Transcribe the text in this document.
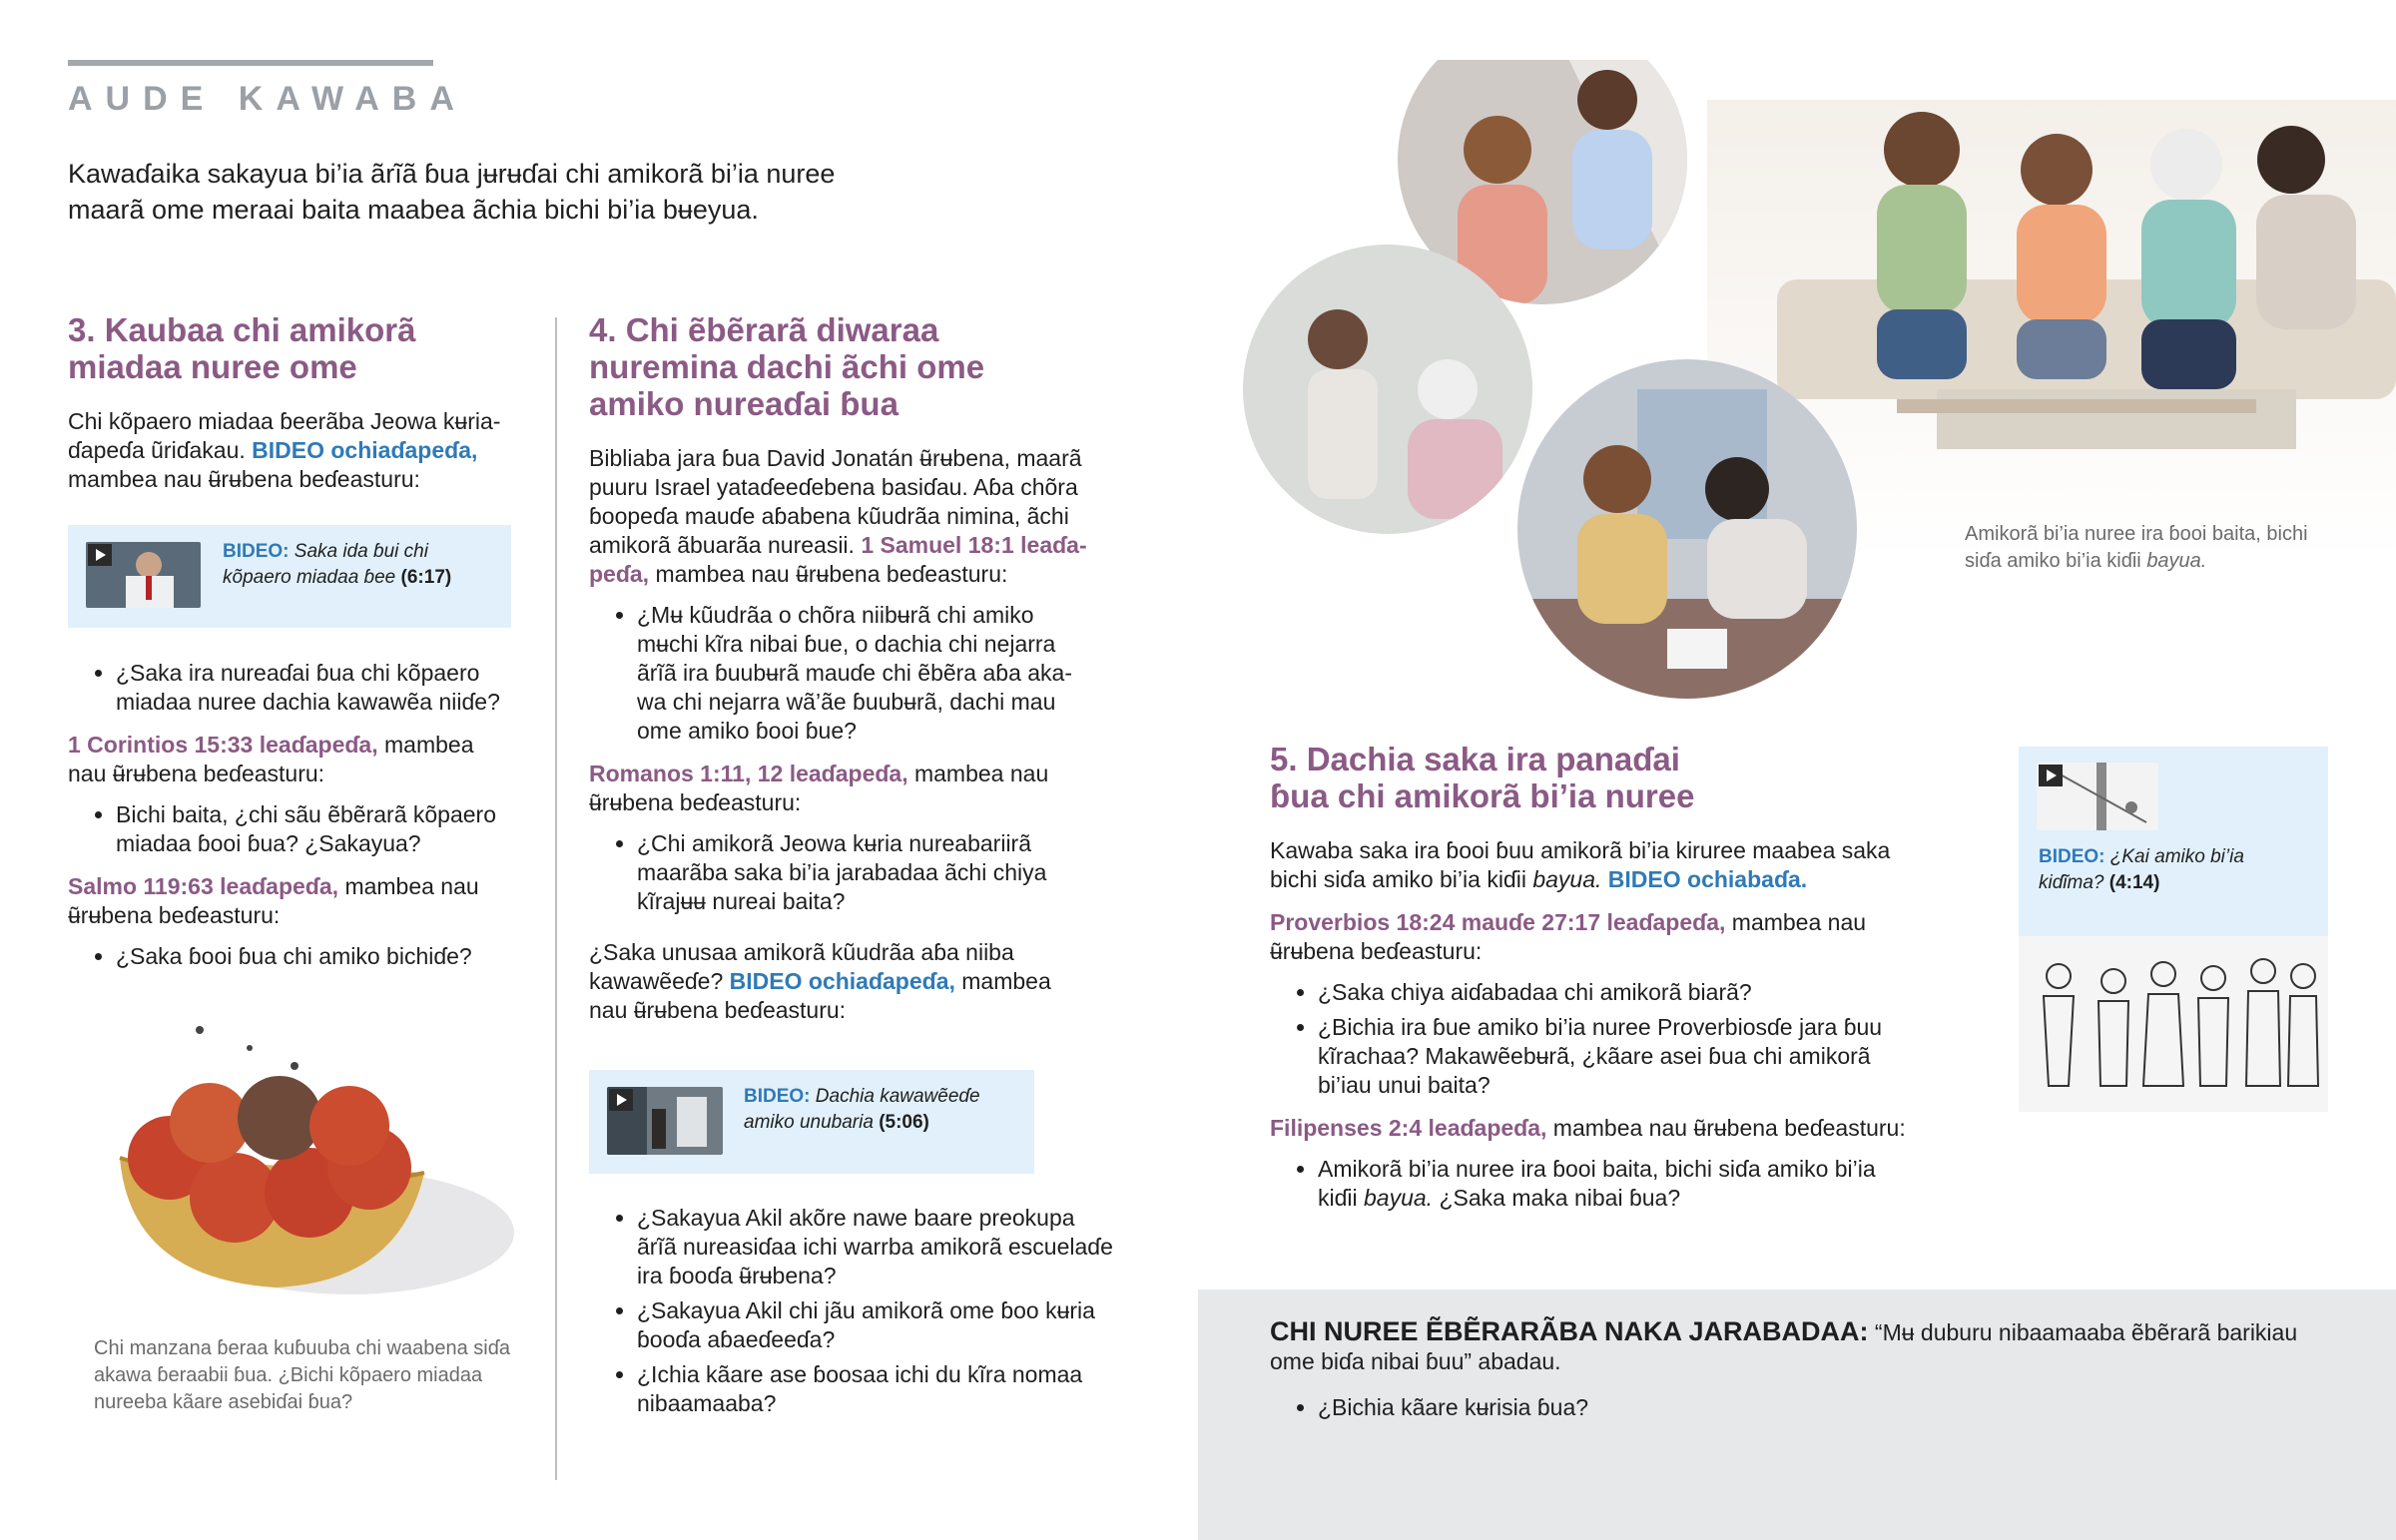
AUDE KAWABA

Kawaɗaika sakayua bi’ia ãrĩã ɓua jʉrʉɗai chi amikorã bi’ia nuree maarã ome meraai baita maabea ãchia bichi bi’ia bʉeyua.

3. Kaubaa chi amikorã miadaa nuree ome

Chi kõpaero miadaa ɓeerãba Jeowa kʉria-ɗapeɗa ũriɗakau. BIDEO ochiaɗapeɗa, mambea nau ʉ̃rʉbena beɗeasturu:

BIDEO: Saka ida ɓui chi kõpaero miadaa ɓee (6:17)
• ¿Saka ira nureaɗai ɓua chi kõpaero miadaa nuree dachia kawawẽa niiɗe?

1 Corintios 15:33 leaɗapeɗa, mambea nau ʉ̃rʉbena beɗeasturu:

• Bichi baita, ¿chi sãu ẽbẽrarã kõpaero miadaa ɓooi ɓua? ¿Sakayua?

Salmo 119:63 leaɗapeɗa, mambea nau ʉ̃rʉbena beɗeasturu:

• ¿Saka ɓooi ɓua chi amiko bichiɗe?

Chi manzana ɓeraa kuɓuuba chi waabena siɗa akawa ɓeraabii ɓua. ¿Bichi kõpaero miadaa nureeba kãare asebiɗai ɓua?

4. Chi ẽbẽrarã diwaraa nuremina dachi ãchi ome amiko nureaɗai ɓua

Bibliaba jara ɓua David Jonatán ʉ̃rʉbena, maarã puuru Israel yataɗeeɗebena basiɗau. Aɓa chõra ɓoopeɗa mauɗe aɓabena kũudrãa nimina, ãchi amikorã ãbuarãa nureasii. 1 Samuel 18:1 leaɗa-peɗa, mambea nau ʉ̃rʉbena beɗeasturu:

• ¿Mʉ kũudrãa o chõra niibʉrã chi amiko mʉchi kĩra nibai ɓue, o dachia chi nejarra ãrĩã ira ɓuubʉrã mauɗe chi ẽbẽra aɓa aka-wa chi nejarra wã’ãe ɓuubʉrã, dachi mau ome amiko ɓooi ɓue?

Romanos 1:11, 12 leaɗapeɗa, mambea nau ʉ̃rʉbena beɗeasturu:

• ¿Chi amikorã Jeowa kʉria nureabariirã maarãba saka bi’ia jarabadaa ãchi chiya kĩrajʉʉ nureai baita?

¿Saka unusaa amikorã kũudrãa aɓa niiba kawawẽeɗe? BIDEO ochiaɗapeɗa, mambea nau ʉ̃rʉbena beɗeasturu:

BIDEO: Dachia kawawẽeɗe amiko unubaria (5:06)
• ¿Sakayua Akil akõre nawe baare preokupa ãrĩã nureasiɗaa ichi warrba amikorã escuelaɗe ira ɓooɗa ʉ̃rʉbena?
• ¿Sakayua Akil chi jãu amikorã ome ɓoo kʉria ɓooɗa aɓaeɗeeɗa?
• ¿Ichia kãare ase ɓoosaa ichi du kĩra nomaa nibaamaaba?

Amikorã bi’ia nuree ira ɓooi baita, bichi siɗa amiko bi’ia kiɗii bayua.

5. Dachia saka ira panaɗai ɓua chi amikorã bi’ia nuree

Kawaba saka ira ɓooi ɓuu amikorã bi’ia kiruree maabea saka bichi siɗa amiko bi’ia kiɗii bayua. BIDEO ochiabaɗa.

Proverbios 18:24 mauɗe 27:17 leaɗapeɗa, mambea nau ʉ̃rʉbena beɗeasturu:

• ¿Saka chiya aiɗabadaa chi amikorã biarã?
• ¿Bichia ira ɓue amiko bi’ia nuree Proverbiosɗe jara ɓuu kĩrachaa? Makawẽebʉrã, ¿kãare asei ɓua chi amikorã bi’iau unui baita?

Filipenses 2:4 leaɗapeɗa, mambea nau ʉ̃rʉbena beɗeasturu:

• Amikorã bi’ia nuree ira ɓooi baita, bichi siɗa amiko bi’ia kiɗii bayua. ¿Saka maka nibai ɓua?
BIDEO: ¿Kai amiko bi’ia kiɗĩma? (4:14)

CHI NUREE ẼBẼRARÃBA NAKA JARABADAA: “Mʉ duburu nibaamaaba ẽbẽrarã barikiau ome biɗa nibai ɓuu” abadau.

• ¿Bichia kãare kʉrisia ɓua?
